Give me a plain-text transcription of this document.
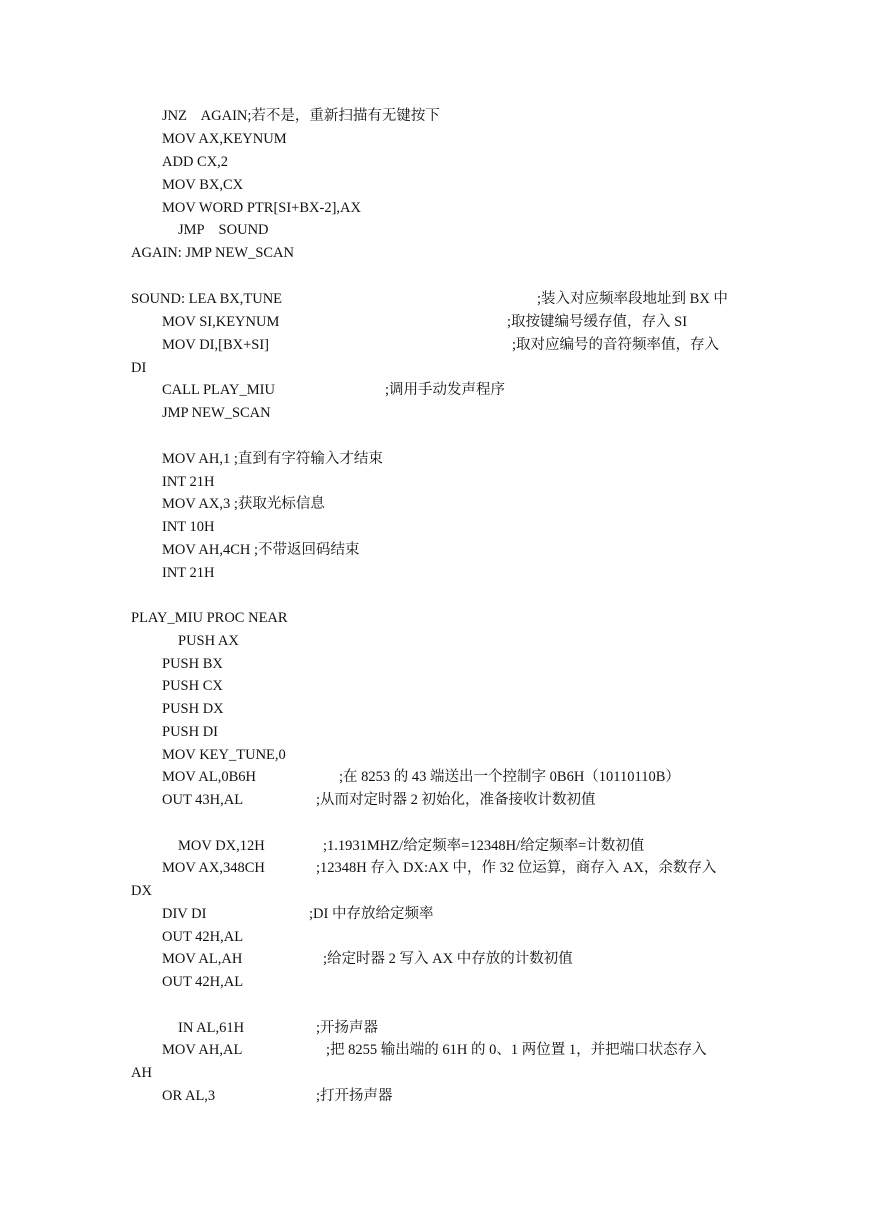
JNZ    AGAIN;若不是，重新扫描有无键按下
MOV AX,KEYNUM
ADD CX,2
MOV BX,CX
MOV WORD PTR[SI+BX-2],AX
JMP    SOUND
AGAIN: JMP NEW_SCAN
SOUND: LEA BX,TUNE	;装入对应频率段地址到 BX 中
MOV SI,KEYNUM	;取按键编号缓存值，存入 SI
MOV DI,[BX+SI]	;取对应编号的音符频率值，存入
DI
CALL PLAY_MIU	;调用手动发声程序
JMP NEW_SCAN
MOV AH,1 ;直到有字符输入才结束
INT 21H
MOV AX,3 ;获取光标信息
INT 10H
MOV AH,4CH ;不带返回码结束
INT 21H
PLAY_MIU PROC NEAR
PUSH AX
PUSH BX
PUSH CX
PUSH DX
PUSH DI
MOV KEY_TUNE,0
MOV AL,0B6H	;在 8253 的 43 端送出一个控制字 0B6H（10110110B）
OUT 43H,AL	;从而对定时器 2 初始化，准备接收计数初值
MOV DX,12H	;1.1931MHZ/给定频率=12348H/给定频率=计数初值
MOV AX,348CH	;12348H 存入 DX:AX 中，作 32 位运算，商存入 AX，余数存入
DX
DIV DI	;DI 中存放给定频率
OUT 42H,AL
MOV AL,AH	;给定时器 2 写入 AX 中存放的计数初值
OUT 42H,AL
IN AL,61H	;开扬声器
MOV AH,AL	;把 8255 输出端的 61H 的 0、1 两位置 1，并把端口状态存入
AH
OR AL,3	;打开扬声器
